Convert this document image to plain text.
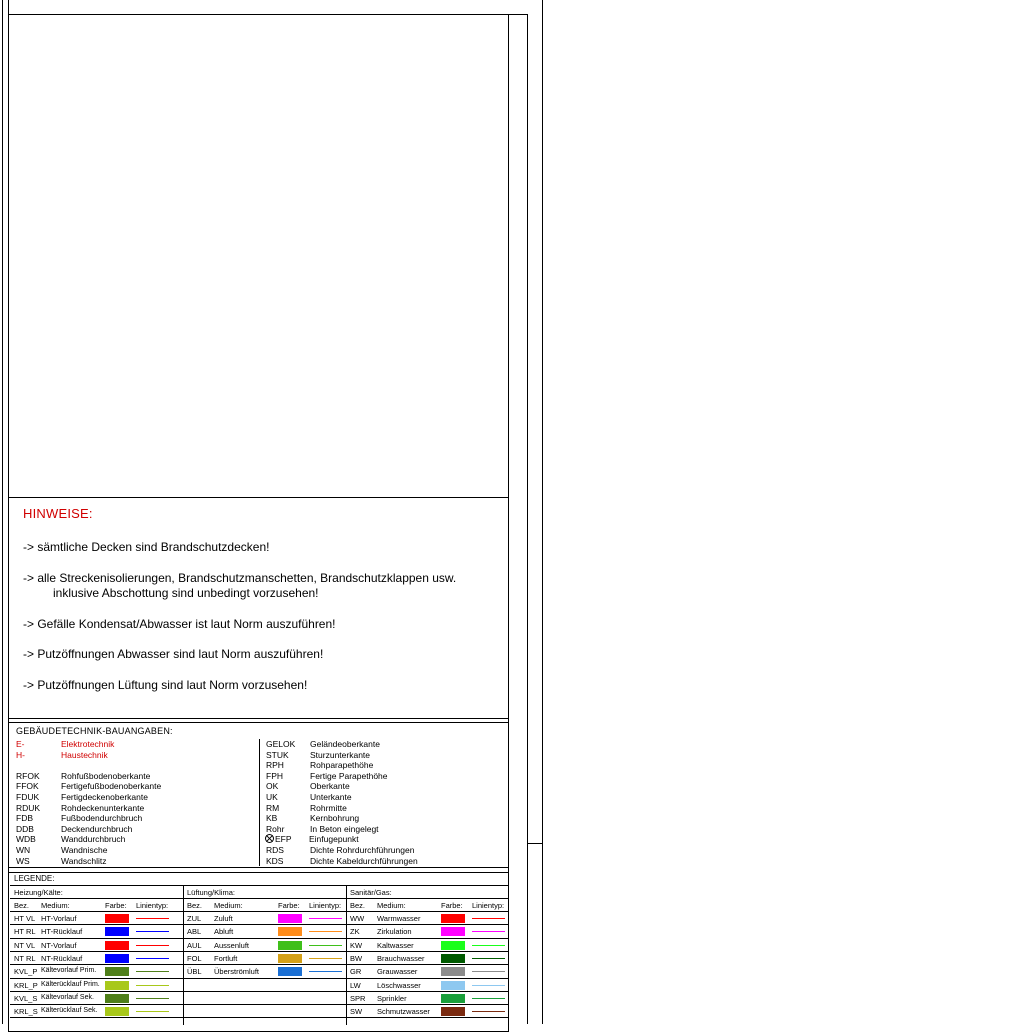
HINWEISE:
-> sämtliche Decken sind Brandschutzdecken!
-> alle Streckenisolierungen, Brandschutzmanschetten, Brandschutzklappen usw.
inklusive Abschottung sind unbedingt vorzusehen!
-> Gefälle Kondensat/Abwasser ist laut Norm auszuführen!
-> Putzöffnungen Abwasser sind laut Norm auszuführen!
-> Putzöffnungen Lüftung sind laut Norm vorzusehen!
GEBÄUDETECHNIK-BAUANGABEN:
E-	Elektrotechnik
H-	Haustechnik
RFOK	Rohfußbodenoberkante
FFOK	Fertigefußbodenoberkante
FDUK	Fertigdeckenoberkante
RDUK Rohdeckenunterkante
FDB	Fußbodendurchbruch
DDB	Deckendurchbruch
WDB	Wanddurchbruch
WN	Wandnische
WS	Wandschlitz
GELOK Geländeoberkante
STUK	Sturzunterkante
RPH	Rohparapethöhe
FPH	Fertige Parapethöhe
OK	Oberkante
UK	Unterkante
RM	Rohrmitte
KB	Kernbohrung
Rohr	In Beton eingelegt
EFP Einfugepunkt
RDS	Dichte Rohrdurchführungen
KDS	Dichte Kabeldurchführungen
LEGENDE:
Heizung/Kälte:
Bez. Medium:	Farbe: Linientyp:
HT VL HT-Vorlauf
HT RL HT-Rücklauf
NT VL NT-Vorlauf
NT RL NT-Rücklauf
KVL_P Kältevorlauf Prim.
KRL_P Kälterücklauf Prim.
KVL_S Kältevorlauf Sek.
KRL_S Kälterücklauf Sek.
Lüftung/Klima:
Bez. Medium:	Farbe: Linientyp:
ZUL Zuluft
ABL Abluft
AUL Aussenluft
FOL Fortluft
ÜBL Überströmluft
Sanitär/Gas:
Bez. Medium:	Farbe: Linientyp:
WW Warmwasser
ZK Zirkulation
KW Kaltwasser
BW Brauchwasser
GR Grauwasser
LW Löschwasser
SPR Sprinkler
SW Schmutzwasser
